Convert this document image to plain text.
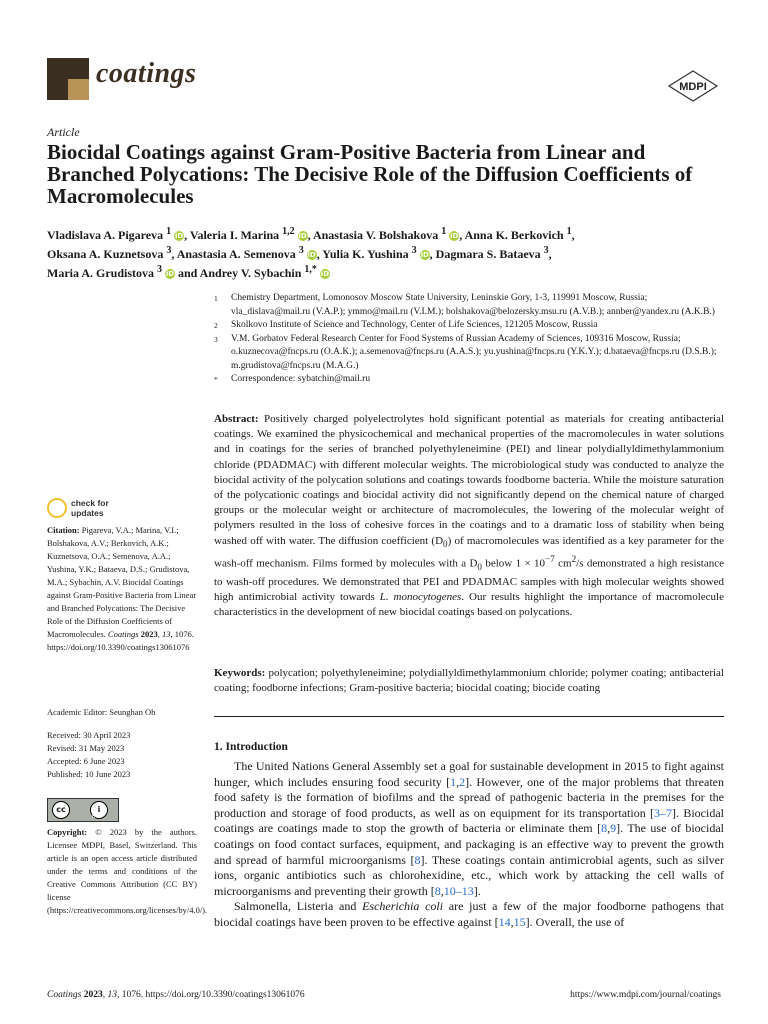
coatings	MDPI
Article
Biocidal Coatings against Gram-Positive Bacteria from Linear and Branched Polycations: The Decisive Role of the Diffusion Coefficients of Macromolecules
Vladislava A. Pigareva $^1$ iD, Valeria I. Marina $^{1,2}$ iD, Anastasia V. Bolshakova $^1$ iD, Anna K. Berkovich $^1$,
Oksana A. Kuznetsova $^3$, Anastasia A. Semenova $^3$ iD, Yulia K. Yushina $^3$ iD, Dagmara S. Bataeva $^3$,
Maria A. Grudistova $^3$ iD and Andrey V. Sybachin $^{1,*}$ iD
1	Chemistry Department, Lomonosov Moscow State University, Leninskie Gory, 1-3, 119991 Moscow, Russia; vla_dislava@mail.ru (V.A.P.); ymmo@mail.ru (V.I.M.); bolshakova@belozersky.msu.ru (A.V.B.); annber@yandex.ru (A.K.B.)
2	Skolkovo Institute of Science and Technology, Center of Life Sciences, 121205 Moscow, Russia
3	V.M. Gorbatov Federal Research Center for Food Systems of Russian Academy of Sciences, 109316 Moscow, Russia; o.kuznecova@fncps.ru (O.A.K.); a.semenova@fncps.ru (A.A.S.); yu.yushina@fncps.ru (Y.K.Y.); d.bataeva@fncps.ru (D.S.B.); m.grudistova@fncps.ru (M.A.G.)
*	Correspondence: sybatchin@mail.ru
Abstract: Positively charged polyelectrolytes hold significant potential as materials for creating antibacterial coatings. We examined the physicochemical and mechanical properties of the macromolecules in water solutions and in coatings for the series of branched polyethyleneimine (PEI) and linear polydiallyldimethylammonium chloride (PDADMAC) with different molecular weights. The microbiological study was conducted to analyze the biocidal activity of the polycation solutions and coatings towards foodborne bacteria. While the moisture saturation of the polycationic coatings and biocidal activity did not significantly depend on the chemical nature of charged groups or the molecular weight or architecture of macromolecules, the lowering of the molecular weight of polymers resulted in the loss of cohesive forces in the coatings and to a dramatic loss of stability when being washed off with water. The diffusion coefficient $(D_0)$ of macromolecules was identified as a key parameter for the wash-off mechanism. Films formed by molecules with a $D_0$ below $1 \times 10^{-7}$ $cm^2/s$ demonstrated a high resistance to wash-off procedures. We demonstrated that PEI and PDADMAC samples with high molecular weights showed high antimicrobial activity towards L. monocytogenes. Our results highlight the importance of macromolecule characteristics in the development of new biocidal coatings based on polycations.
Keywords: polycation; polyethyleneimine; polydiallyldimethylammonium chloride; polymer coating; antibacterial coating; foodborne infections; Gram-positive bacteria; biocidal coating; biocide coating
1. Introduction

The United Nations General Assembly set a goal for sustainable development in 2015 to fight against hunger, which includes ensuring food security [1,2]. However, one of the major problems that threaten food safety is the formation of biofilms and the spread of pathogenic bacteria in the premises for the production and storage of food products, as well as on equipment for its transportation [3–7]. Biocidal coatings are coatings made to stop the growth of bacteria or eliminate them [8,9]. The use of biocidal coatings on food contact surfaces, equipment, and packaging is an effective way to prevent the growth and spread of harmful microorganisms [8]. These coatings contain antimicrobial agents, such as silver ions, organic antibiotics such as chlorohexidine, etc., which work by attacking the cell walls of microorganisms and preventing their growth [8,10–13].

Salmonella, Listeria and Escherichia coli are just a few of the major foodborne pathogens that biocidal coatings have been proven to be effective against [14,15]. Overall, the use of

check for
updates
Citation: Pigareva, V.A.; Marina, V.I.; Bolshakova, A.V.; Berkovich, A.K.; Kuznetsova, O.A.; Semenova, A.A.; Yushina, Y.K.; Bataeva, D.S.; Grudistova, M.A.; Sybachin, A.V. Biocidal Coatings against Gram-Positive Bacteria from Linear and Branched Polycations: The Decisive Role of the Diffusion Coefficients of Macromolecules. Coatings 2023, 13, 1076. https://doi.org/10.3390/coatings13061076
Academic Editor: Seunghan Oh
Received: 30 April 2023
Revised: 31 May 2023
Accepted: 6 June 2023
Published: 10 June 2023
cc	i
BY
Copyright: © 2023 by the authors. Licensee MDPI, Basel, Switzerland. This article is an open access article distributed under the terms and conditions of the Creative Commons Attribution (CC BY) license (https://creativecommons.org/licenses/by/4.0/).
Coatings 2023, 13, 1076. https://doi.org/10.3390/coatings13061076	https://www.mdpi.com/journal/coatings
